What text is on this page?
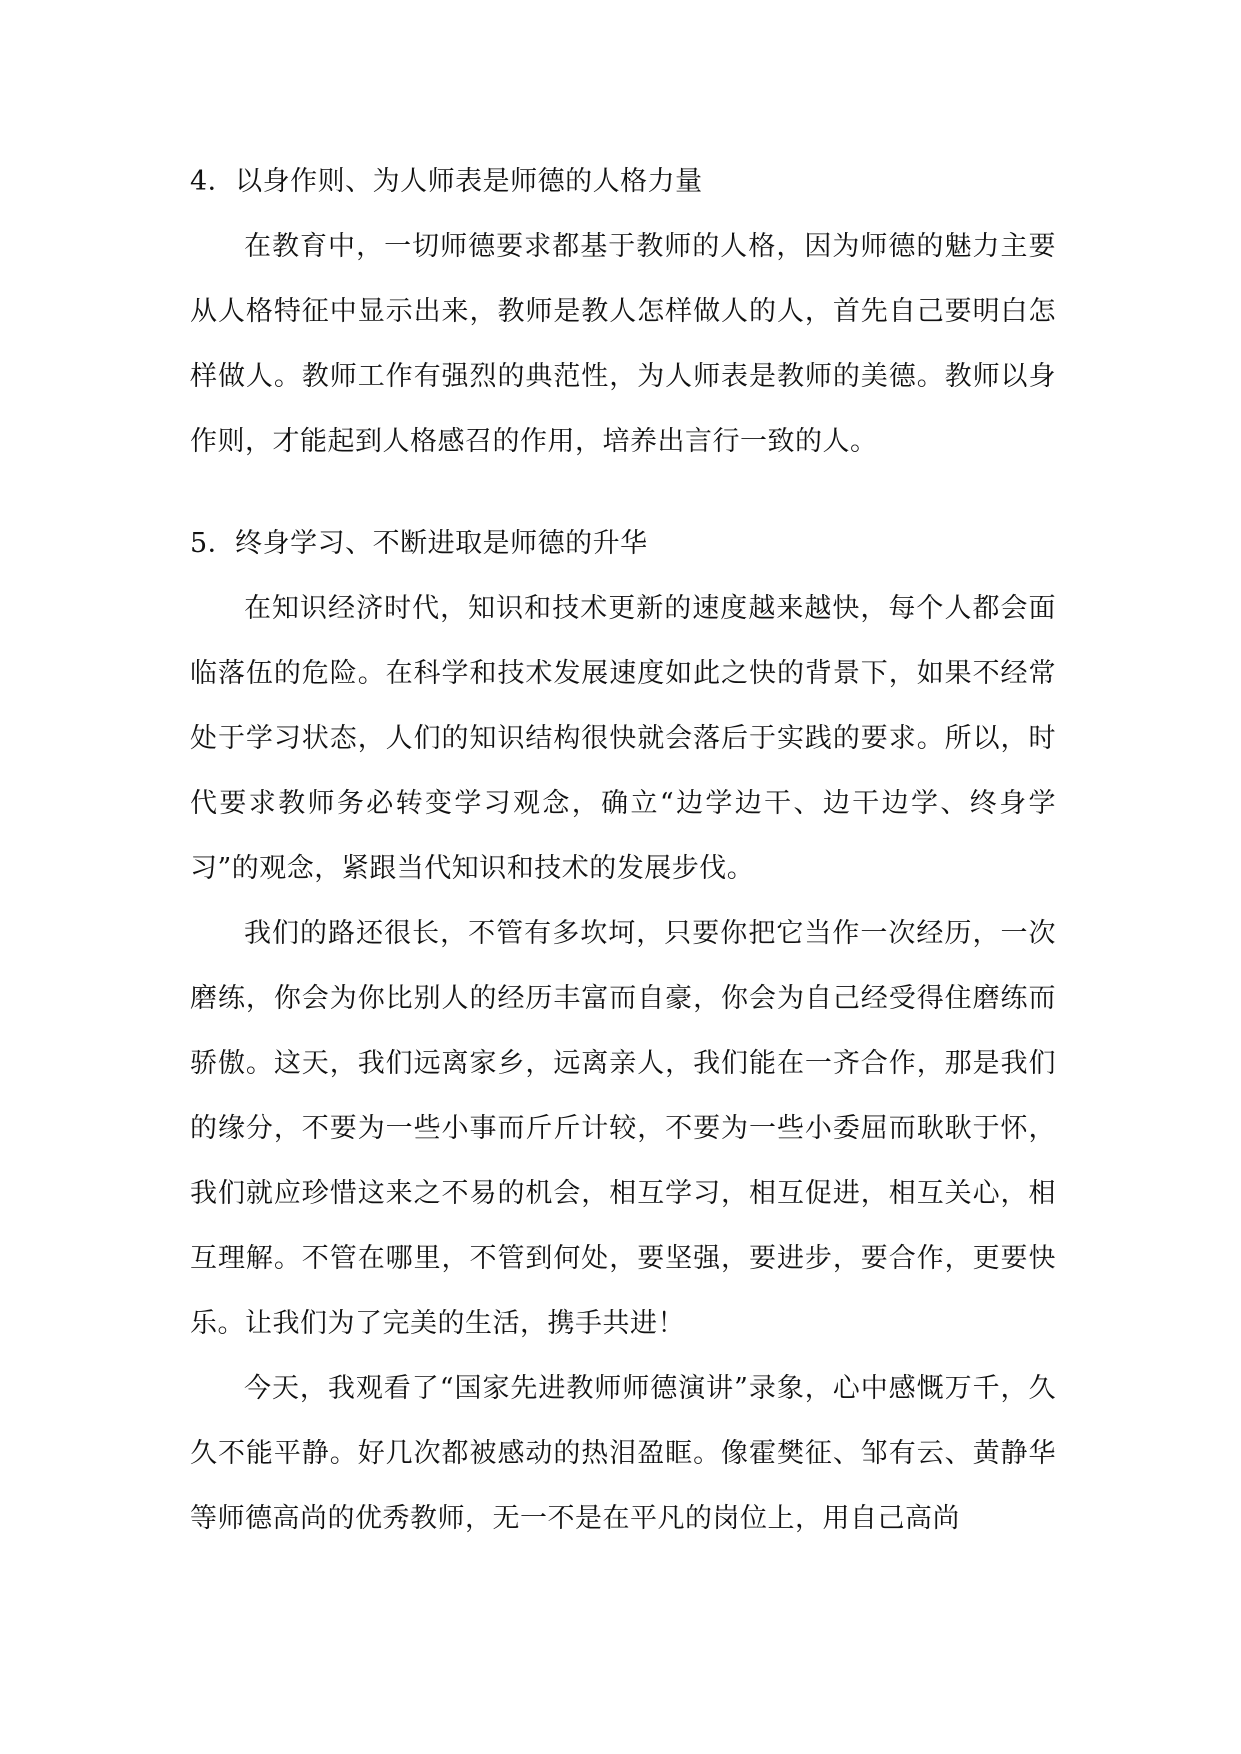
4．以身作则、为人师表是师德的人格力量

在教育中，一切师德要求都基于教师的人格，因为师德的魅力主要从人格特征中显示出来，教师是教人怎样做人的人，首先自己要明白怎样做人。教师工作有强烈的典范性，为人师表是教师的美德。教师以身作则，才能起到人格感召的作用，培养出言行一致的人。

5．终身学习、不断进取是师德的升华

在知识经济时代，知识和技术更新的速度越来越快，每个人都会面临落伍的危险。在科学和技术发展速度如此之快的背景下，如果不经常处于学习状态，人们的知识结构很快就会落后于实践的要求。所以，时代要求教师务必转变学习观念，确立“边学边干、边干边学、终身学习”的观念，紧跟当代知识和技术的发展步伐。

我们的路还很长，不管有多坎坷，只要你把它当作一次经历，一次磨练，你会为你比别人的经历丰富而自豪，你会为自己经受得住磨练而骄傲。这天，我们远离家乡，远离亲人，我们能在一齐合作，那是我们的缘分，不要为一些小事而斤斤计较，不要为一些小委屈而耿耿于怀，我们就应珍惜这来之不易的机会，相互学习，相互促进，相互关心，相互理解。不管在哪里，不管到何处，要坚强，要进步，要合作，更要快乐。让我们为了完美的生活，携手共进！

今天，我观看了“国家先进教师师德演讲”录象，心中感慨万千，久久不能平静。好几次都被感动的热泪盈眶。像霍樊征、邹有云、黄静华等师德高尚的优秀教师，无一不是在平凡的岗位上，用自己高尚
